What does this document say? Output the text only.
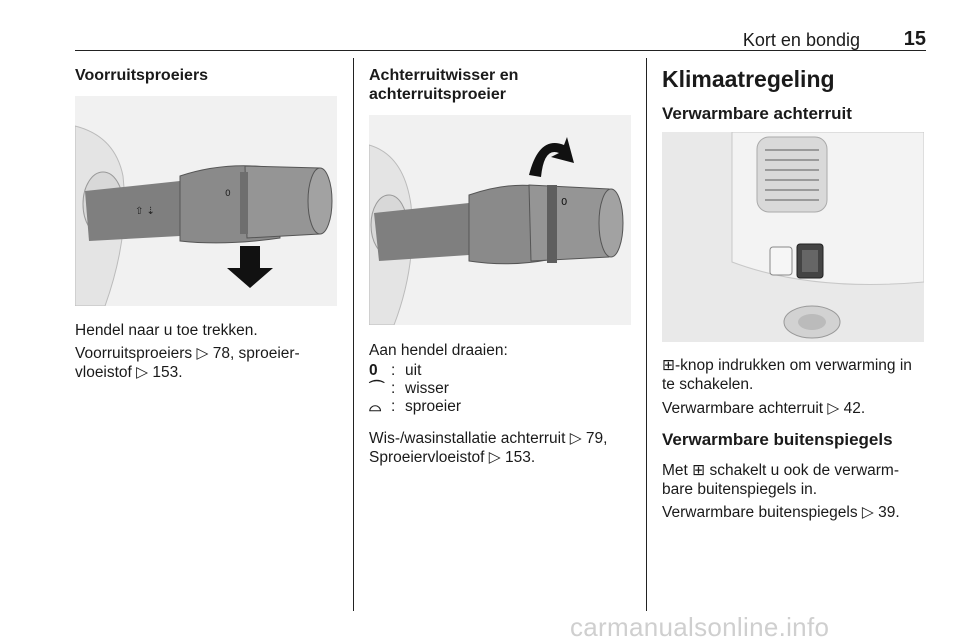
Kort en bondig	15
Voorruitsproeiers
⇧ ⇣
0
Hendel naar u toe trekken.
Voorruitsproeiers ▷ 78, sproeier-
vloeistof ▷ 153.
Achterruitwisser en
achterruitsproeier
0
Aan hendel draaien:
0 : uit
⌒ : wisser
⌓ : sproeier
Wis-/wasinstallatie achterruit ▷ 79,
Sproeiervloeistof ▷ 153.
Klimaatregeling
Verwarmbare achterruit
⊞-knop indrukken om verwarming in
te schakelen.
Verwarmbare achterruit ▷ 42.
Verwarmbare buitenspiegels
Met ⊞ schakelt u ook de verwarm-
bare buitenspiegels in.
Verwarmbare buitenspiegels ▷ 39.
carmanualsonline.info
